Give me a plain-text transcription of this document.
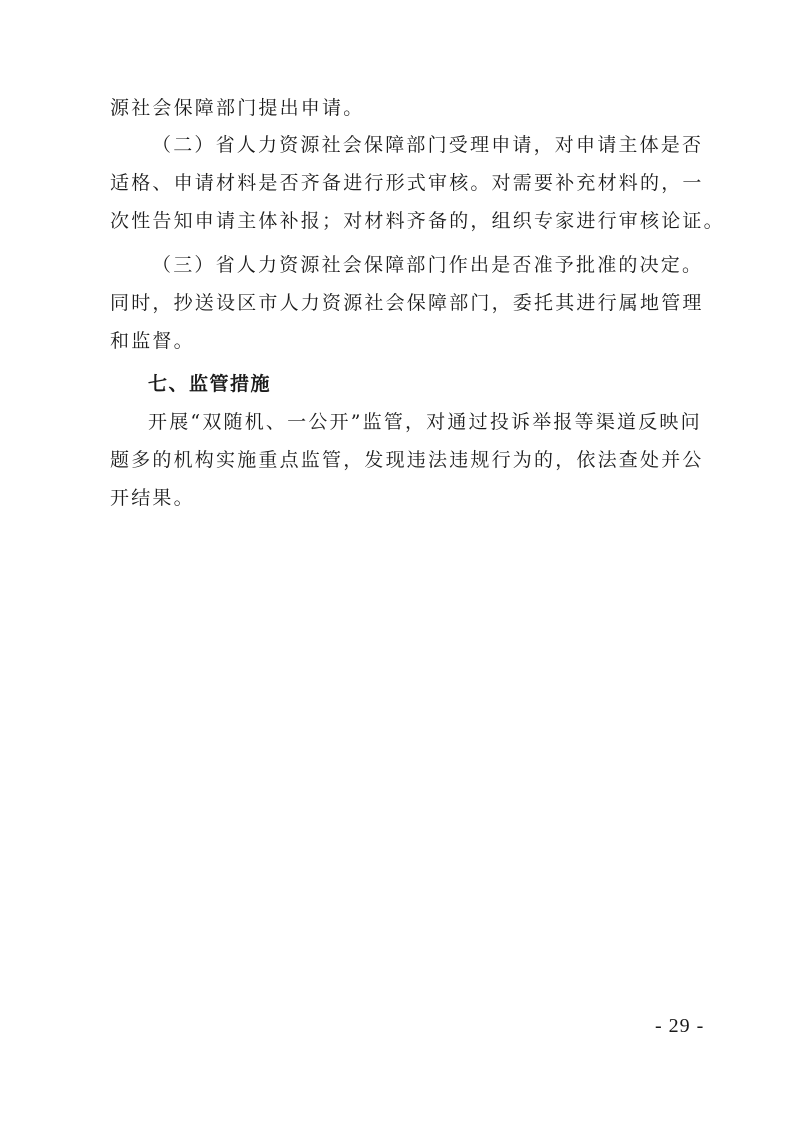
源社会保障部门提出申请。
（二）省人力资源社会保障部门受理申请，对申请主体是否
适格、申请材料是否齐备进行形式审核。对需要补充材料的，一
次性告知申请主体补报；对材料齐备的，组织专家进行审核论证。
（三）省人力资源社会保障部门作出是否准予批准的决定。
同时，抄送设区市人力资源社会保障部门，委托其进行属地管理
和监督。
七、监管措施
开展“双随机、一公开”监管，对通过投诉举报等渠道反映问
题多的机构实施重点监管，发现违法违规行为的，依法查处并公
开结果。
- 29 -
